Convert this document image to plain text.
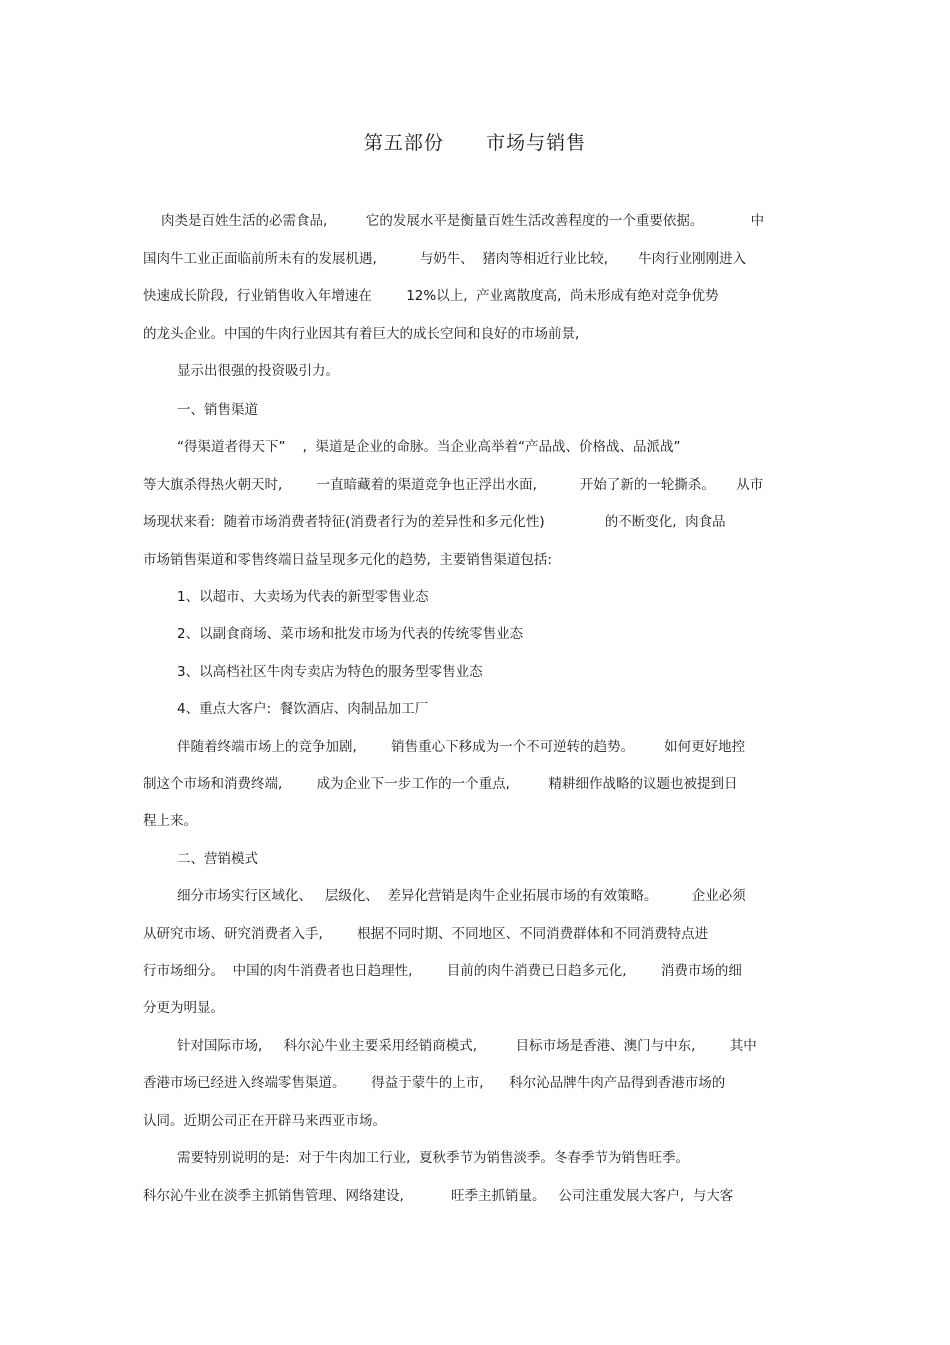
第五部份      市场与销售
肉类是百姓生活的必需食品,         它的发展水平是衡量百姓生活改善程度的一个重要依据。           中
国肉牛工业正面临前所未有的发展机遇,          与奶牛、  猪肉等相近行业比较,       牛肉行业刚刚进入
快速成长阶段,  行业销售收入年增速在        12%以上,  产业离散度高,  尚未形成有绝对竞争优势
的龙头企业。中国的牛肉行业因其有着巨大的成长空间和良好的市场前景,
显示出很强的投资吸引力。
一、销售渠道
“得渠道者得天下”    ,  渠道是企业的命脉。当企业高举着“产品战、价格战、品派战”
等大旗杀得热火朝天时,        一直暗藏着的渠道竞争也正浮出水面,          开始了新的一轮撕杀。     从市
场现状来看:  随着市场消费者特征(消费者行为的差异性和多元化性)              的不断变化,  肉食品
市场销售渠道和零售终端日益呈现多元化的趋势,  主要销售渠道包括:
1、以超市、大卖场为代表的新型零售业态
2、以副食商场、菜市场和批发市场为代表的传统零售业态
3、以高档社区牛肉专卖店为特色的服务型零售业态
4、重点大客户:  餐饮酒店、肉制品加工厂
伴随着终端市场上的竞争加剧,        销售重心下移成为一个不可逆转的趋势。       如何更好地控
制这个市场和消费终端,        成为企业下一步工作的一个重点,         精耕细作战略的议题也被提到日
程上来。
二、营销模式
细分市场实行区域化、   层级化、  差异化营销是肉牛企业拓展市场的有效策略。        企业必须
从研究市场、研究消费者入手,        根据不同时期、不同地区、不同消费群体和不同消费特点进
行市场细分。  中国的肉牛消费者也日趋理性,        目前的肉牛消费已日趋多元化,        消费市场的细
分更为明显。
针对国际市场,     科尔沁牛业主要采用经销商模式,         目标市场是香港、澳门与中东,        其中
香港市场已经进入终端零售渠道。      得益于蒙牛的上市,      科尔沁品牌牛肉产品得到香港市场的
认同。近期公司正在开辟马来西亚市场。
需要特别说明的是:  对于牛肉加工行业,  夏秋季节为销售淡季。冬春季节为销售旺季。
科尔沁牛业在淡季主抓销售管理、网络建设,           旺季主抓销量。   公司注重发展大客户,  与大客
